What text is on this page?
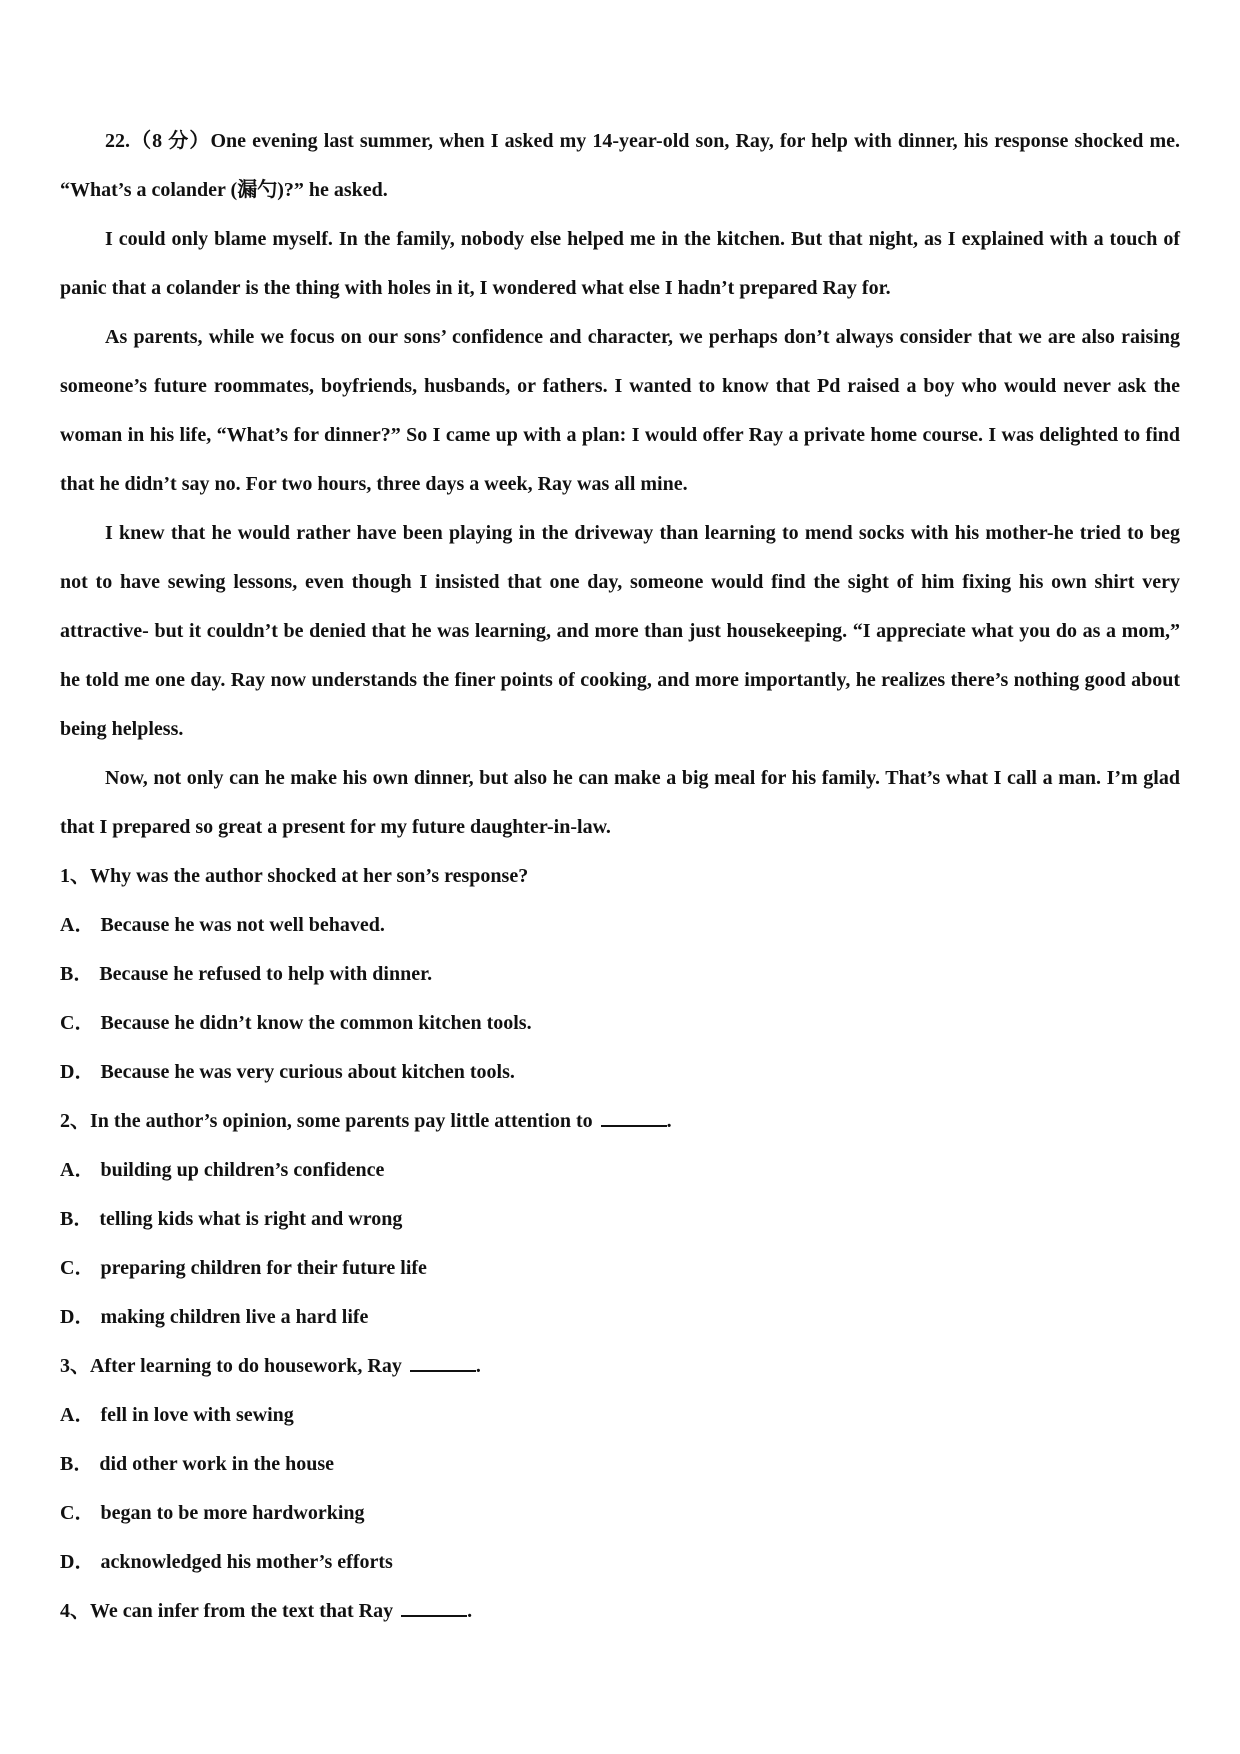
22.（8 分）One evening last summer, when I asked my 14-year-old son, Ray, for help with dinner, his response shocked me. “What’s a colander (漏勺)?” he asked.

I could only blame myself. In the family, nobody else helped me in the kitchen. But that night, as I explained with a touch of panic that a colander is the thing with holes in it, I wondered what else I hadn’t prepared Ray for.

As parents, while we focus on our sons’ confidence and character, we perhaps don’t always consider that we are also raising someone’s future roommates, boyfriends, husbands, or fathers. I wanted to know that Pd raised a boy who would never ask the woman in his life, “What’s for dinner?” So I came up with a plan: I would offer Ray a private home course. I was delighted to find that he didn’t say no. For two hours, three days a week, Ray was all mine.

I knew that he would rather have been playing in the driveway than learning to mend socks with his mother-he tried to beg not to have sewing lessons, even though I insisted that one day, someone would find the sight of him fixing his own shirt very attractive- but it couldn’t be denied that he was learning, and more than just housekeeping. “I appreciate what you do as a mom,” he told me one day. Ray now understands the finer points of cooking, and more importantly, he realizes there’s nothing good about being helpless.

Now, not only can he make his own dinner, but also he can make a big meal for his family. That’s what I call a man. I’m glad that I prepared so great a present for my future daughter-in-law.

1、Why was the author shocked at her son’s response?

A． Because he was not well behaved.

B． Because he refused to help with dinner.

C． Because he didn’t know the common kitchen tools.

D． Because he was very curious about kitchen tools.

2、In the author’s opinion, some parents pay little attention to	.

A． building up children’s confidence

B． telling kids what is right and wrong

C． preparing children for their future life

D． making children live a hard life

3、After learning to do housework, Ray	.

A． fell in love with sewing

B． did other work in the house

C． began to be more hardworking

D． acknowledged his mother’s efforts

4、We can infer from the text that Ray	.
